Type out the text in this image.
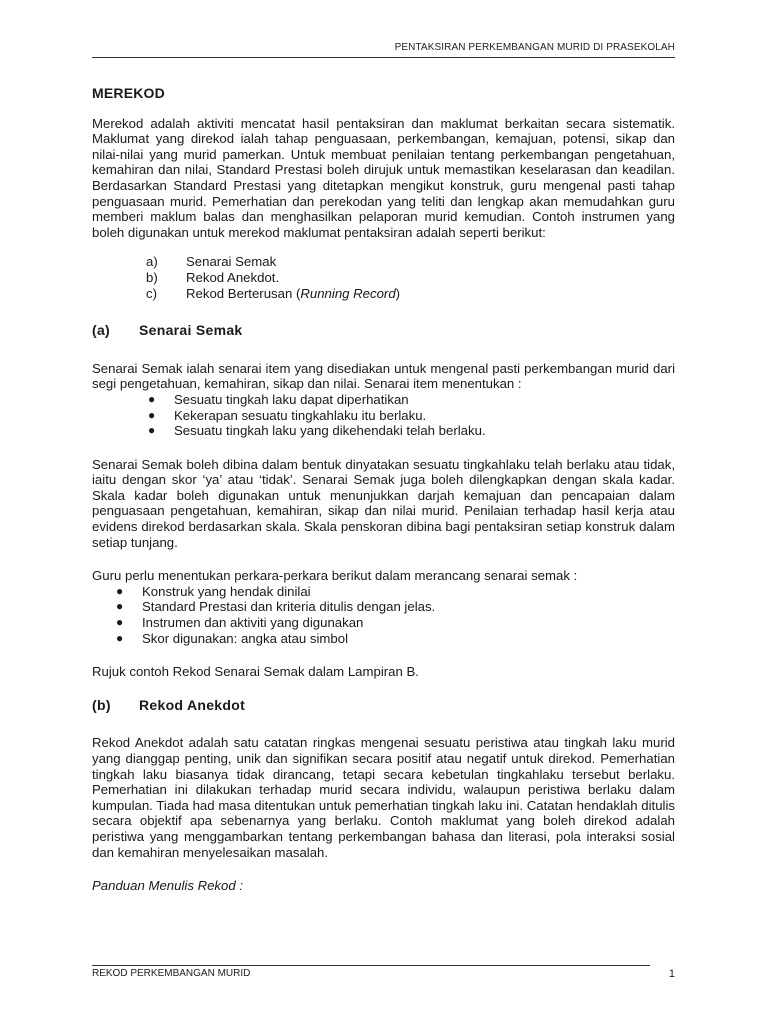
PENTAKSIRAN PERKEMBANGAN MURID DI PRASEKOLAH
MEREKOD

Merekod adalah aktiviti mencatat hasil pentaksiran dan maklumat berkaitan secara sistematik. Maklumat yang direkod ialah tahap penguasaan, perkembangan, kemajuan, potensi, sikap dan nilai-nilai yang murid pamerkan. Untuk membuat penilaian tentang perkembangan pengetahuan, kemahiran dan nilai, Standard Prestasi boleh dirujuk untuk memastikan keselarasan dan keadilan. Berdasarkan Standard Prestasi yang ditetapkan mengikut konstruk, guru mengenal pasti tahap penguasaan murid. Pemerhatian dan perekodan yang teliti dan lengkap akan memudahkan guru memberi maklum balas dan menghasilkan pelaporan murid kemudian. Contoh instrumen yang boleh digunakan untuk merekod maklumat pentaksiran adalah seperti berikut:

a)	Senarai Semak
b)	Rekod Anekdot.
c)	Rekod Berterusan (Running Record)
(a)	Senarai Semak

Senarai Semak ialah senarai item yang disediakan untuk mengenal pasti perkembangan murid dari segi pengetahuan, kemahiran, sikap dan nilai. Senarai item menentukan :

●	Sesuatu tingkah laku dapat diperhatikan
●	Kekerapan sesuatu tingkahlaku itu berlaku.
●	Sesuatu tingkah laku yang dikehendaki telah berlaku.

Senarai Semak boleh dibina dalam bentuk dinyatakan sesuatu tingkahlaku telah berlaku atau tidak, iaitu dengan skor ‘ya’ atau ‘tidak’. Senarai Semak juga boleh dilengkapkan dengan skala kadar. Skala kadar boleh digunakan untuk menunjukkan darjah kemajuan dan pencapaian dalam penguasaan pengetahuan, kemahiran, sikap dan nilai murid. Penilaian terhadap hasil kerja atau evidens direkod berdasarkan skala. Skala penskoran dibina bagi pentaksiran setiap konstruk dalam setiap tunjang.

Guru perlu menentukan perkara-perkara berikut dalam merancang senarai semak :

●	Konstruk yang hendak dinilai
●	Standard Prestasi dan kriteria ditulis dengan jelas.
●	Instrumen dan aktiviti yang digunakan
●	Skor digunakan: angka atau simbol

Rujuk contoh Rekod Senarai Semak dalam Lampiran B.

(b)	Rekod Anekdot

Rekod Anekdot adalah satu catatan ringkas mengenai sesuatu peristiwa atau tingkah laku murid yang dianggap penting, unik dan signifikan secara positif atau negatif untuk direkod. Pemerhatian tingkah laku biasanya tidak dirancang, tetapi secara kebetulan tingkahlaku tersebut berlaku. Pemerhatian ini dilakukan terhadap murid secara individu, walaupun peristiwa berlaku dalam kumpulan. Tiada had masa ditentukan untuk pemerhatian tingkah laku ini. Catatan hendaklah ditulis secara objektif apa sebenarnya yang berlaku. Contoh maklumat yang boleh direkod adalah peristiwa yang menggambarkan tentang perkembangan bahasa dan literasi, pola interaksi sosial dan kemahiran menyelesaikan masalah.

Panduan Menulis Rekod :

REKOD PERKEMBANGAN MURID	1
